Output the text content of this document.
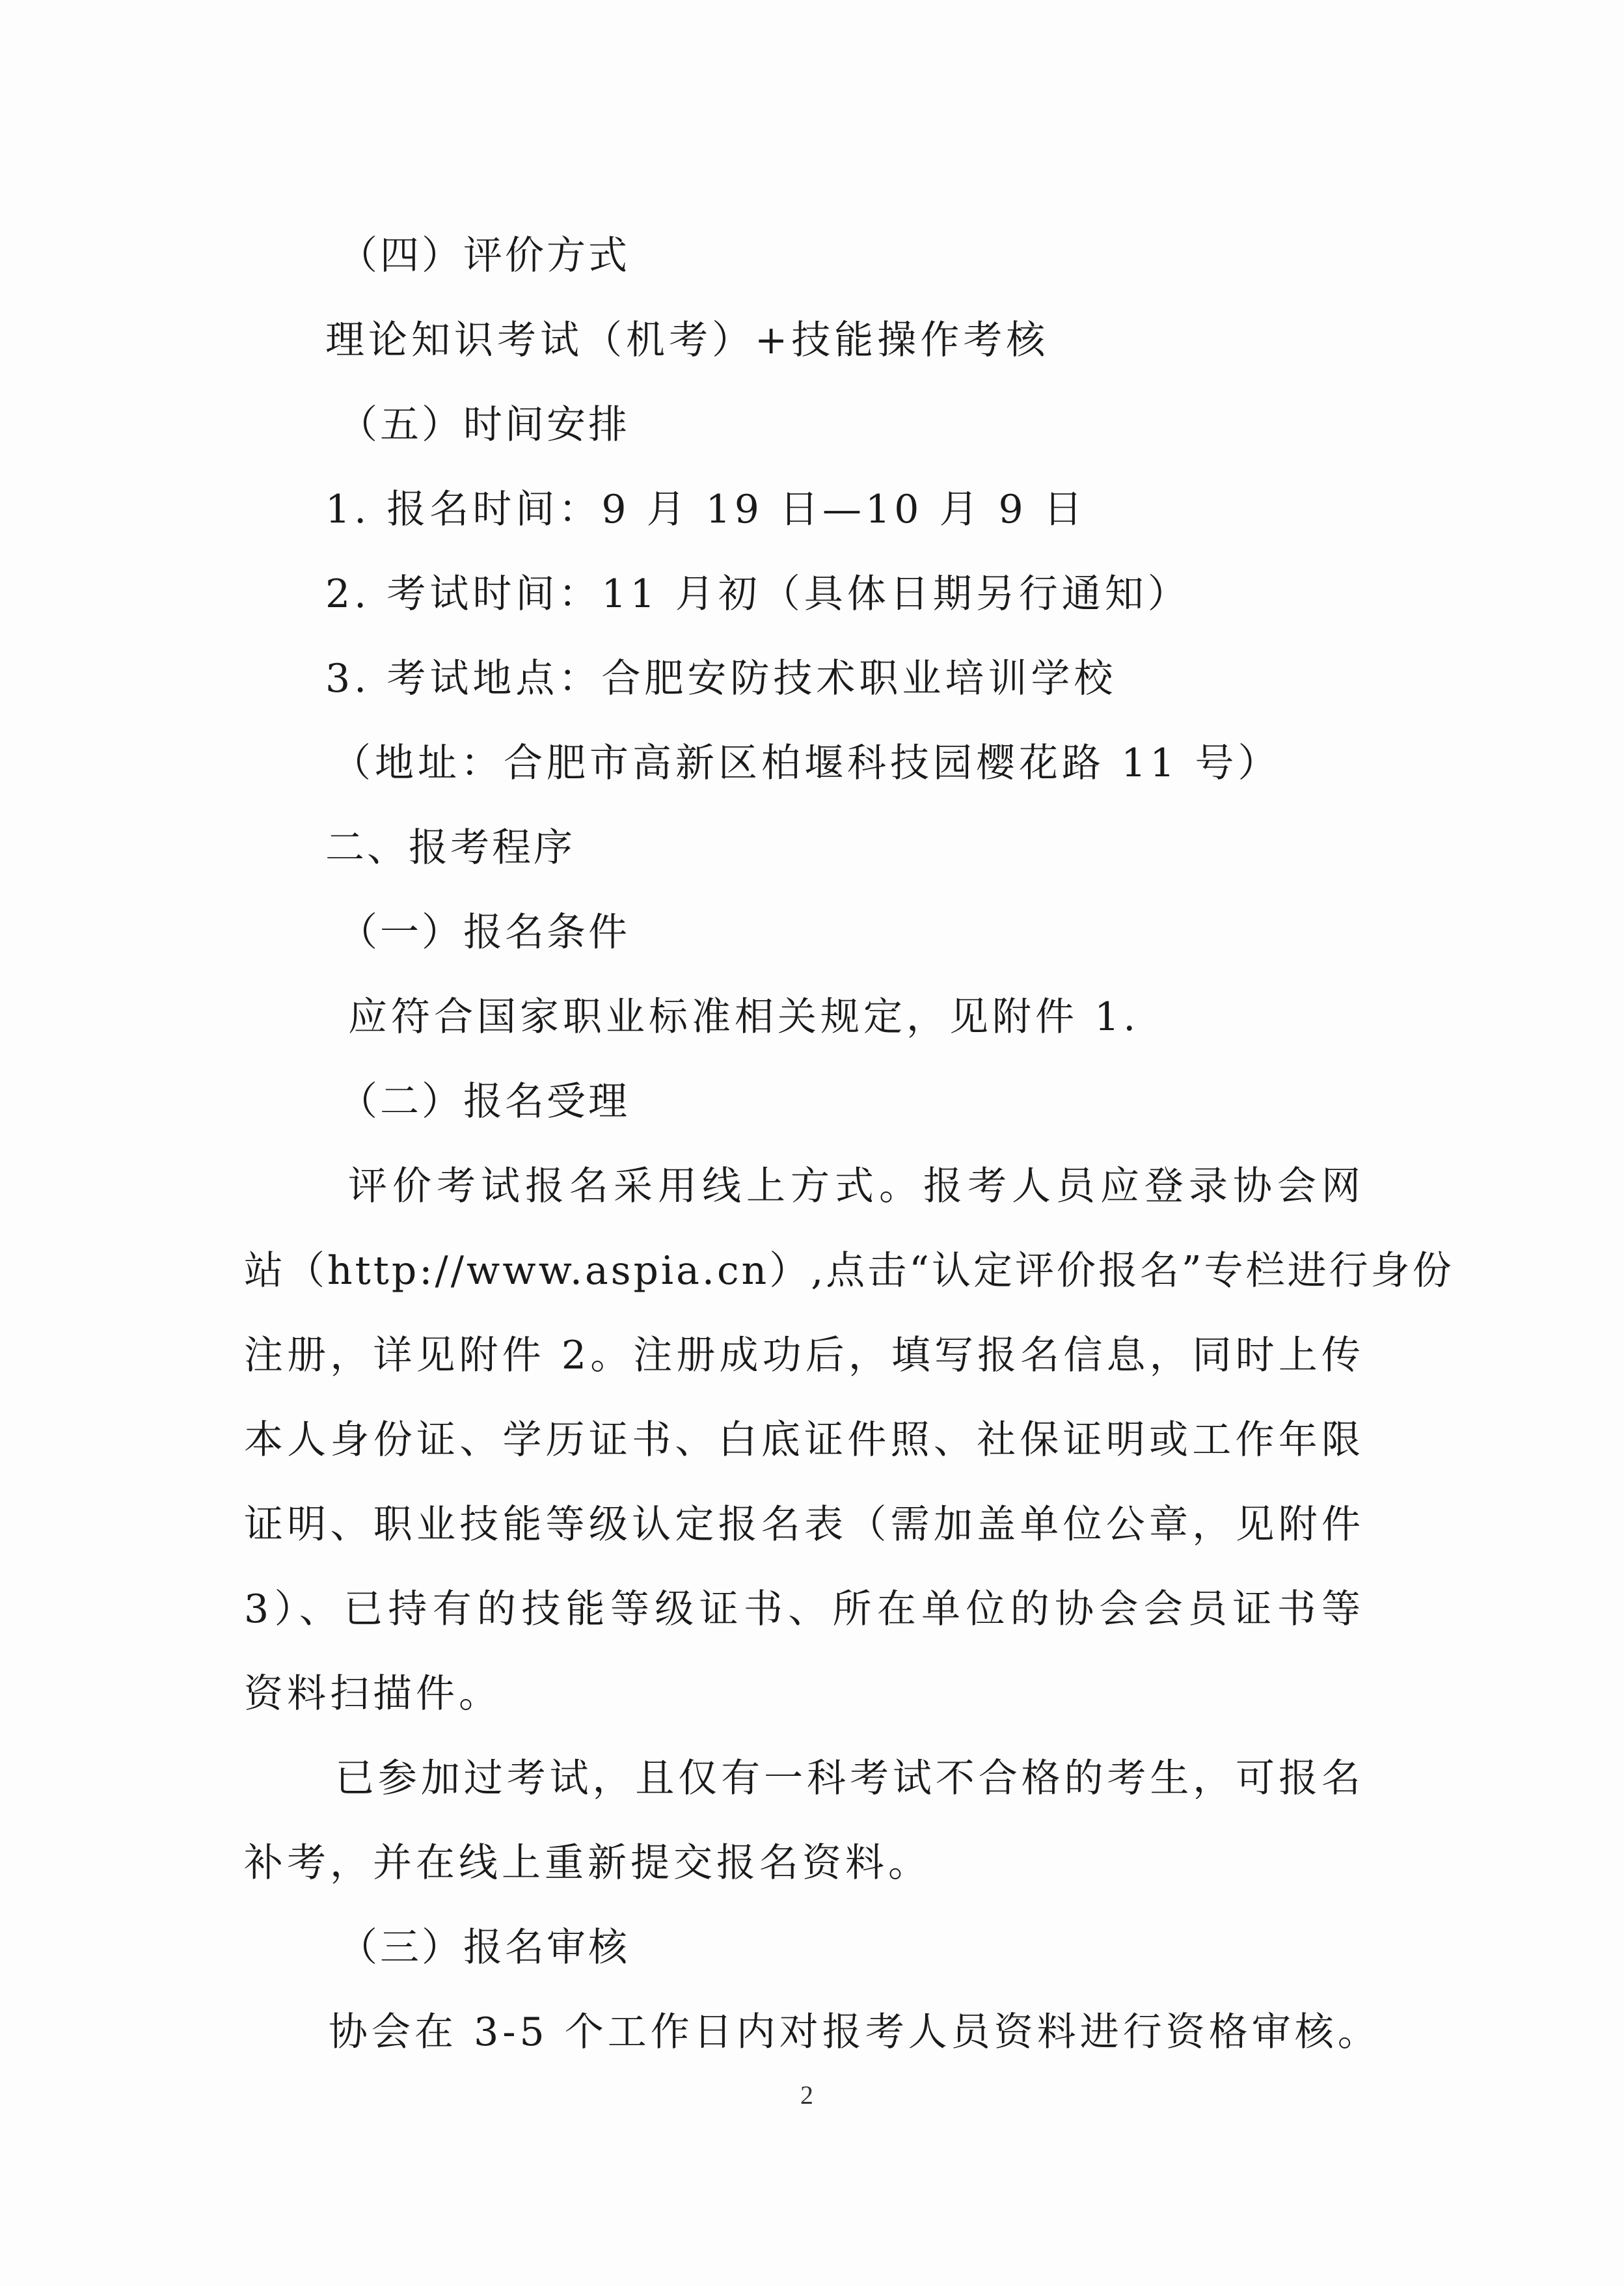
（四）评价方式
理论知识考试（机考）+技能操作考核
（五）时间安排
1. 报名时间：9 月 19 日—10 月 9 日
2. 考试时间：11 月初（具体日期另行通知）
3. 考试地点：合肥安防技术职业培训学校
（地址：合肥市高新区柏堰科技园樱花路 11 号）
二、报考程序
（一）报名条件
应符合国家职业标准相关规定，见附件 1.
（二）报名受理
评价考试报名采用线上方式。报考人员应登录协会网
站（http://www.aspia.cn）,点击“认定评价报名”专栏进行身份
注册，详见附件 2。注册成功后，填写报名信息，同时上传
本人身份证、学历证书、白底证件照、社保证明或工作年限
证明、职业技能等级认定报名表（需加盖单位公章，见附件
3）、已持有的技能等级证书、所在单位的协会会员证书等
资料扫描件。
已参加过考试，且仅有一科考试不合格的考生，可报名
补考，并在线上重新提交报名资料。
（三）报名审核
协会在 3-5 个工作日内对报考人员资料进行资格审核。
2
